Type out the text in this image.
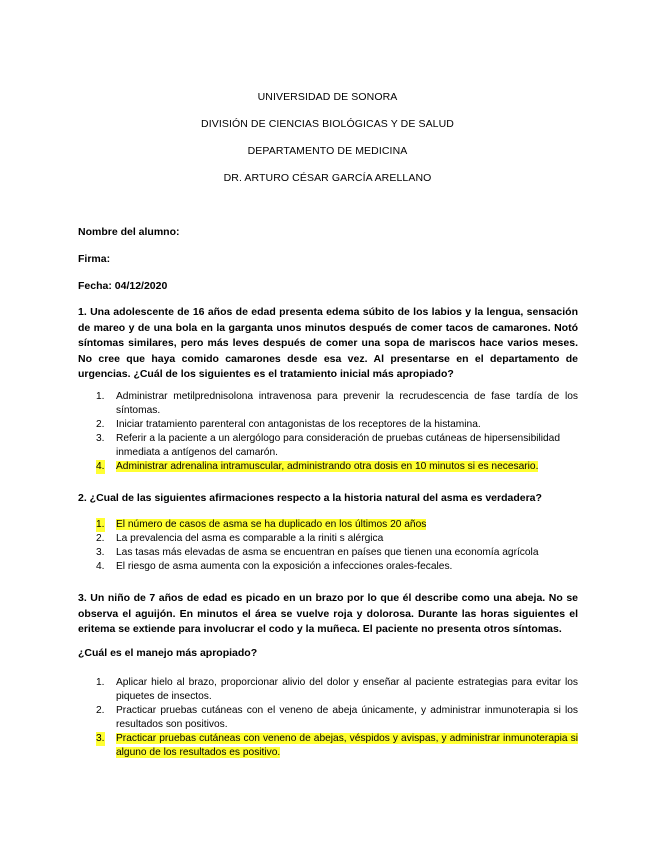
UNIVERSIDAD DE SONORA
DIVISIÓN DE CIENCIAS BIOLÓGICAS Y DE SALUD
DEPARTAMENTO DE MEDICINA
DR. ARTURO CÉSAR GARCÍA ARELLANO
Nombre del alumno:
Firma:
Fecha: 04/12/2020
1. Una adolescente de 16 años de edad presenta edema súbito de los labios y la lengua, sensación de mareo y de una bola en la garganta unos minutos después de comer tacos de camarones. Notó síntomas similares, pero más leves después de comer una sopa de mariscos hace varios meses. No cree que haya comido camarones desde esa vez. Al presentarse en el departamento de urgencias. ¿Cuál de los siguientes es el tratamiento inicial más apropiado?
1. Administrar metilprednisolona intravenosa para prevenir la recrudescencia de fase tardía de los síntomas.
2. Iniciar tratamiento parenteral con antagonistas de los receptores de la histamina.
3. Referir a la paciente a un alergólogo para consideración de pruebas cutáneas de hipersensibilidad inmediata a antígenos del camarón.
4. Administrar adrenalina intramuscular, administrando otra dosis en 10 minutos si es necesario.
2. ¿Cual de las siguientes afirmaciones respecto a la historia natural del asma es verdadera?
1. El número de casos de asma se ha duplicado en los últimos 20 años
2. La prevalencia del asma es comparable a la riniti s alérgica
3. Las tasas más elevadas de asma se encuentran en países que tienen una economía agrícola
4. El riesgo de asma aumenta con la exposición a infecciones orales-fecales.
3. Un niño de 7 años de edad es picado en un brazo por lo que él describe como una abeja. No se observa el aguijón. En minutos el área se vuelve roja y dolorosa. Durante las horas siguientes el eritema se extiende para involucrar el codo y la muñeca. El paciente no presenta otros síntomas.
¿Cuál es el manejo más apropiado?
1. Aplicar hielo al brazo, proporcionar alivio del dolor y enseñar al paciente estrategias para evitar los piquetes de insectos.
2. Practicar pruebas cutáneas con el veneno de abeja únicamente, y administrar inmunoterapia si los resultados son positivos.
3. Practicar pruebas cutáneas con veneno de abejas, véspidos y avispas, y administrar inmunoterapia si alguno de los resultados es positivo.
